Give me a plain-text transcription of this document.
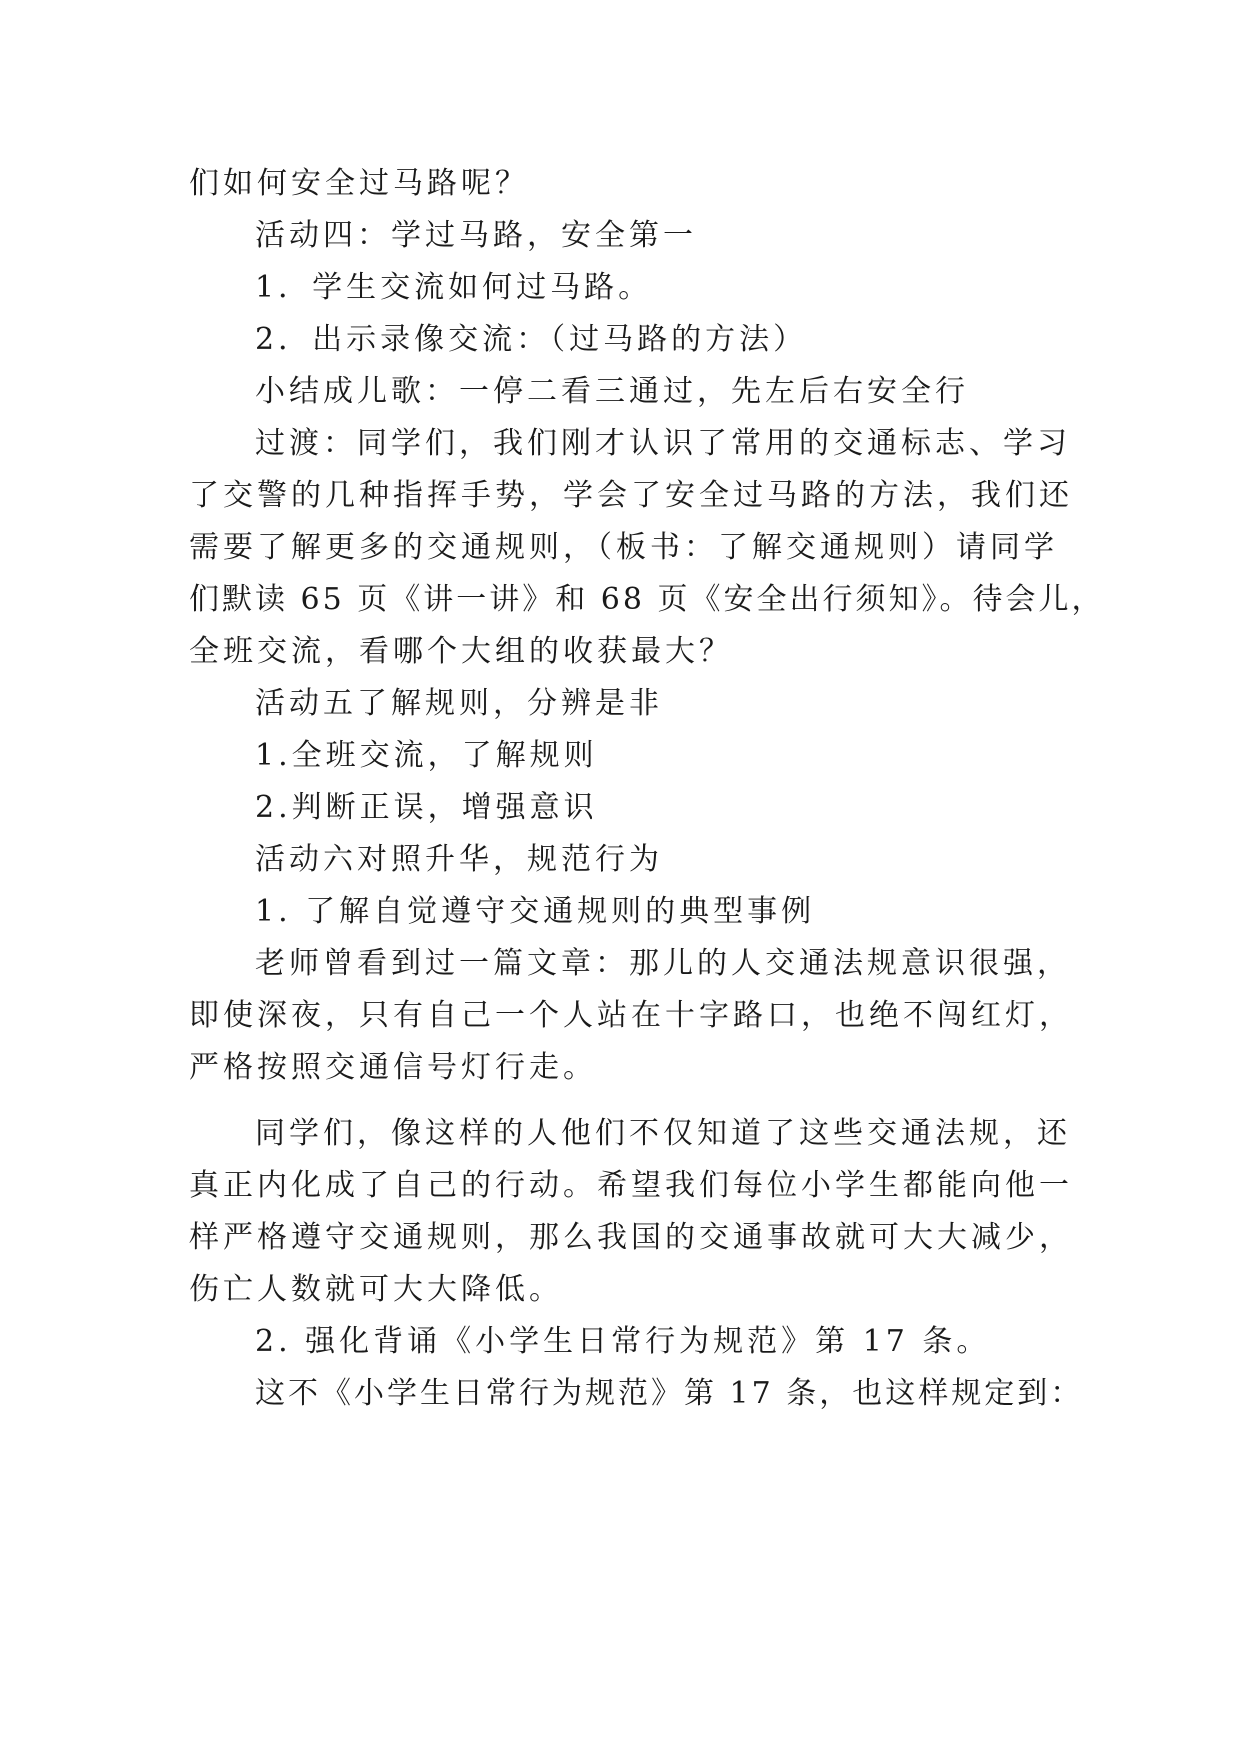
们如何安全过马路呢？
活动四：学过马路，安全第一
1．学生交流如何过马路。
2．出示录像交流：（过马路的方法）
小结成儿歌：一停二看三通过，先左后右安全行
过渡：同学们，我们刚才认识了常用的交通标志、学习
了交警的几种指挥手势，学会了安全过马路的方法，我们还
需要了解更多的交通规则，（板书：了解交通规则）请同学
们默读 65 页《讲一讲》和 68 页《安全出行须知》。待会儿，
全班交流，看哪个大组的收获最大？
活动五了解规则，分辨是非
1.全班交流，了解规则
2.判断正误，增强意识
活动六对照升华，规范行为
1. 了解自觉遵守交通规则的典型事例
老师曾看到过一篇文章：那儿的人交通法规意识很强，
即使深夜，只有自己一个人站在十字路口，也绝不闯红灯，
严格按照交通信号灯行走。
同学们，像这样的人他们不仅知道了这些交通法规，还
真正内化成了自己的行动。希望我们每位小学生都能向他一
样严格遵守交通规则，那么我国的交通事故就可大大减少，
伤亡人数就可大大降低。
2. 强化背诵《小学生日常行为规范》第 17 条。
这不《小学生日常行为规范》第 17 条，也这样规定到：
